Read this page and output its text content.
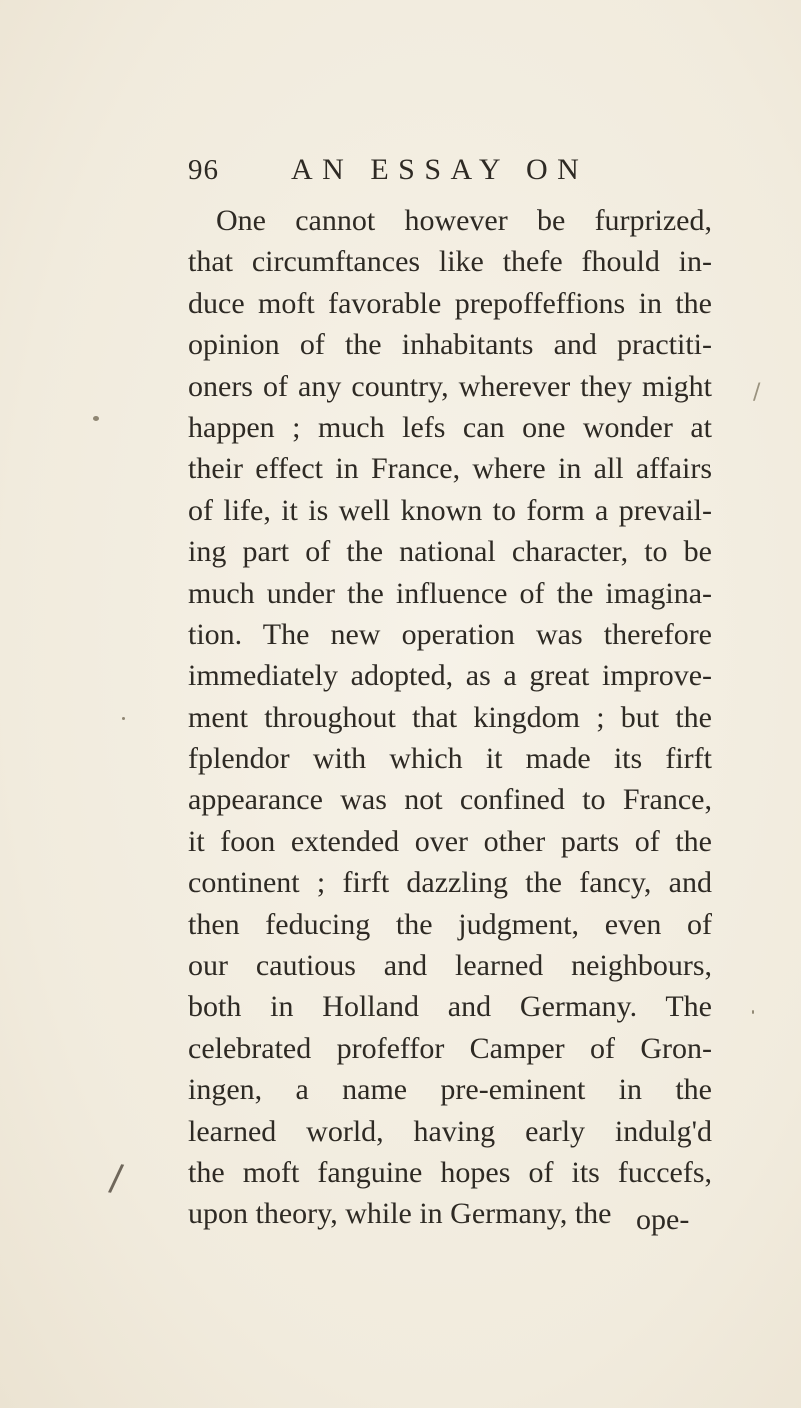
96 AN ESSAY ON
One cannot however be furprized,
that circumftances like thefe fhould in-
duce moft favorable prepoffeffions in the
opinion of the inhabitants and practiti-
oners of any country, wherever they might
happen ; much lefs can one wonder at
their effect in France, where in all affairs
of life, it is well known to form a prevail-
ing part of the national character, to be
much under the influence of the imagina-
tion. The new operation was therefore
immediately adopted, as a great improve-
ment throughout that kingdom ; but the
fplendor with which it made its firft
appearance was not confined to France,
it foon extended over other parts of the
continent ; firft dazzling the fancy, and
then feducing the judgment, even of
our cautious and learned neighbours,
both in Holland and Germany. The
celebrated profeffor Camper of Gron-
ingen, a name pre-eminent in the
learned world, having early indulg'd
the moft fanguine hopes of its fuccefs,
upon theory, while in Germany, the ope-
/
/
